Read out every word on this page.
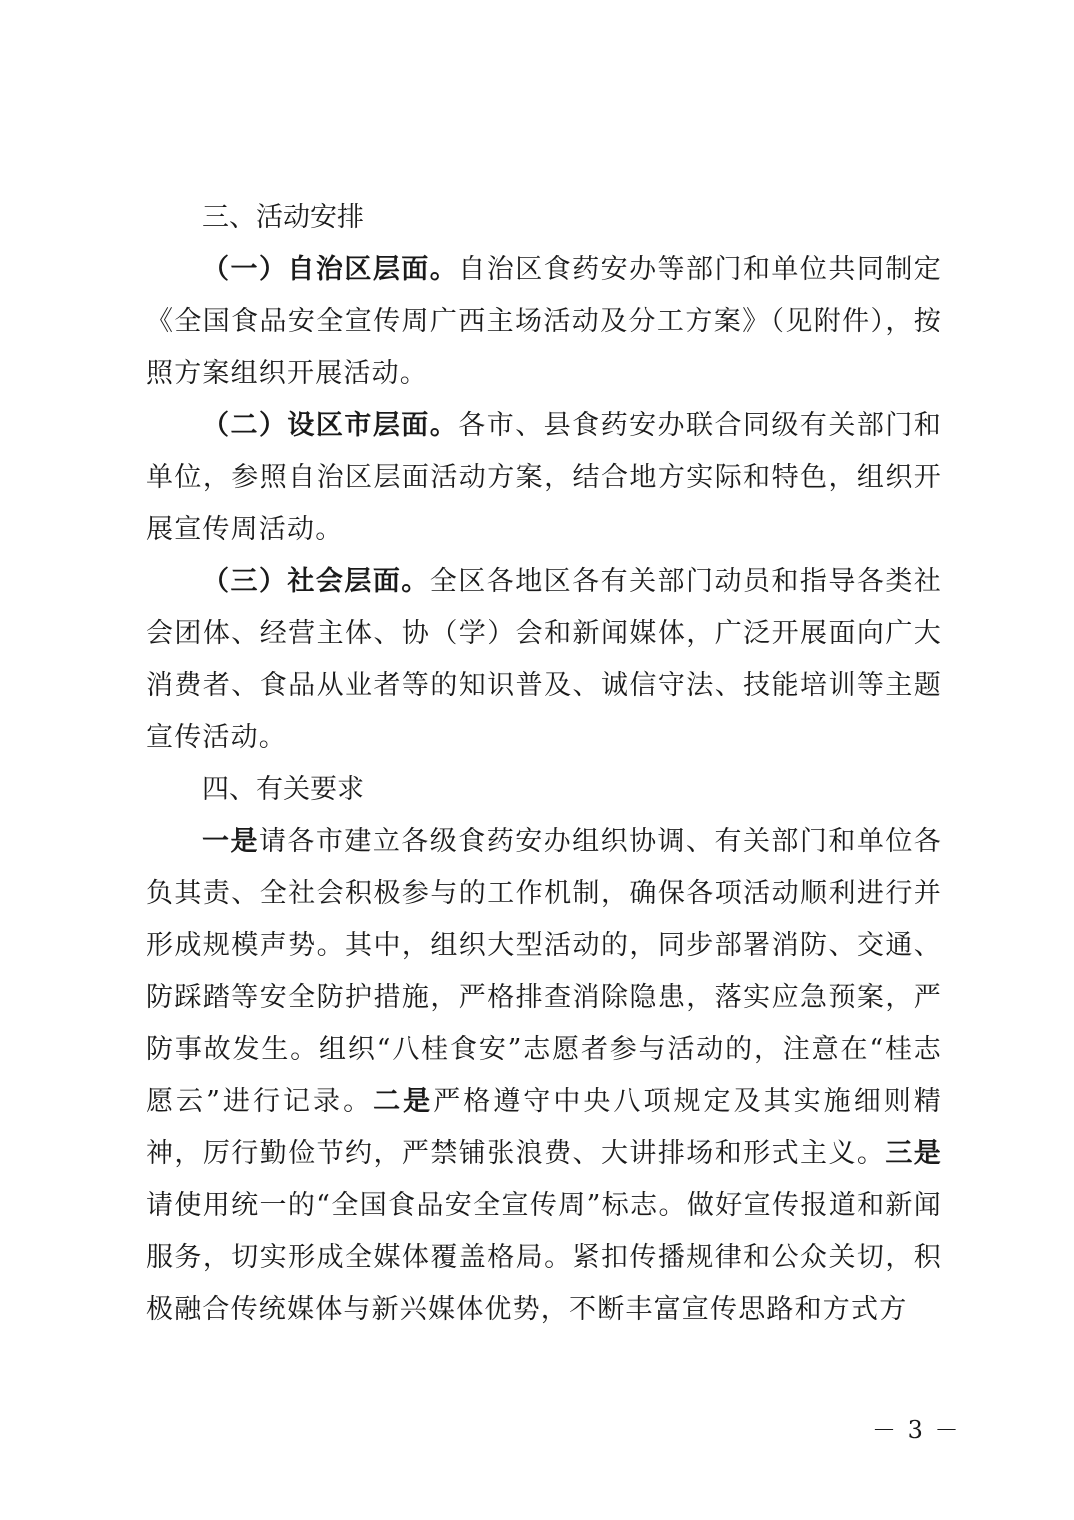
三、活动安排

（一）自治区层面。自治区食药安办等部门和单位共同制定《全国食品安全宣传周广西主场活动及分工方案》（见附件），按照方案组织开展活动。

（二）设区市层面。各市、县食药安办联合同级有关部门和单位，参照自治区层面活动方案，结合地方实际和特色，组织开展宣传周活动。

（三）社会层面。全区各地区各有关部门动员和指导各类社会团体、经营主体、协（学）会和新闻媒体，广泛开展面向广大消费者、食品从业者等的知识普及、诚信守法、技能培训等主题宣传活动。

四、有关要求

一是请各市建立各级食药安办组织协调、有关部门和单位各负其责、全社会积极参与的工作机制，确保各项活动顺利进行并形成规模声势。其中，组织大型活动的，同步部署消防、交通、防踩踏等安全防护措施，严格排查消除隐患，落实应急预案，严防事故发生。组织“八桂食安”志愿者参与活动的，注意在“桂志愿云”进行记录。二是严格遵守中央八项规定及其实施细则精神，厉行勤俭节约，严禁铺张浪费、大讲排场和形式主义。三是请使用统一的“全国食品安全宣传周”标志。做好宣传报道和新闻服务，切实形成全媒体覆盖格局。紧扣传播规律和公众关切，积极融合传统媒体与新兴媒体优势，不断丰富宣传思路和方式方

－ 3 －
